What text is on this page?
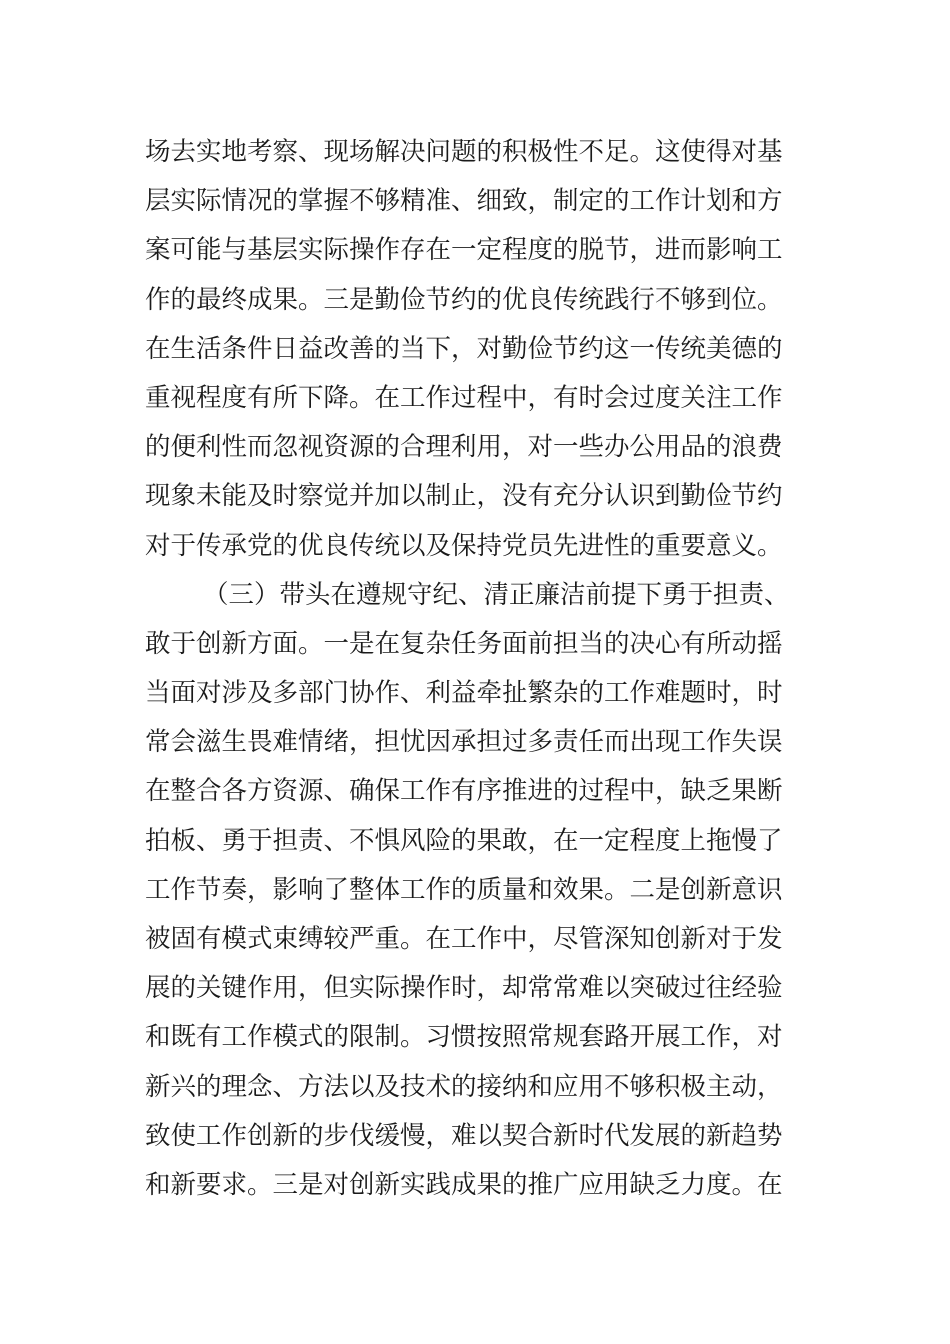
场去实地考察、现场解决问题的积极性不足。这使得对基
层实际情况的掌握不够精准、细致，制定的工作计划和方
案可能与基层实际操作存在一定程度的脱节，进而影响工
作的最终成果。三是勤俭节约的优良传统践行不够到位。
在生活条件日益改善的当下，对勤俭节约这一传统美德的
重视程度有所下降。在工作过程中，有时会过度关注工作
的便利性而忽视资源的合理利用，对一些办公用品的浪费
现象未能及时察觉并加以制止，没有充分认识到勤俭节约
对于传承党的优良传统以及保持党员先进性的重要意义。
（三）带头在遵规守纪、清正廉洁前提下勇于担责、
敢于创新方面。一是在复杂任务面前担当的决心有所动摇
当面对涉及多部门协作、利益牵扯繁杂的工作难题时，时
常会滋生畏难情绪，担忧因承担过多责任而出现工作失误
在整合各方资源、确保工作有序推进的过程中，缺乏果断
拍板、勇于担责、不惧风险的果敢，在一定程度上拖慢了
工作节奏，影响了整体工作的质量和效果。二是创新意识
被固有模式束缚较严重。在工作中，尽管深知创新对于发
展的关键作用，但实际操作时，却常常难以突破过往经验
和既有工作模式的限制。习惯按照常规套路开展工作，对
新兴的理念、方法以及技术的接纳和应用不够积极主动，
致使工作创新的步伐缓慢，难以契合新时代发展的新趋势
和新要求。三是对创新实践成果的推广应用缺乏力度。在
